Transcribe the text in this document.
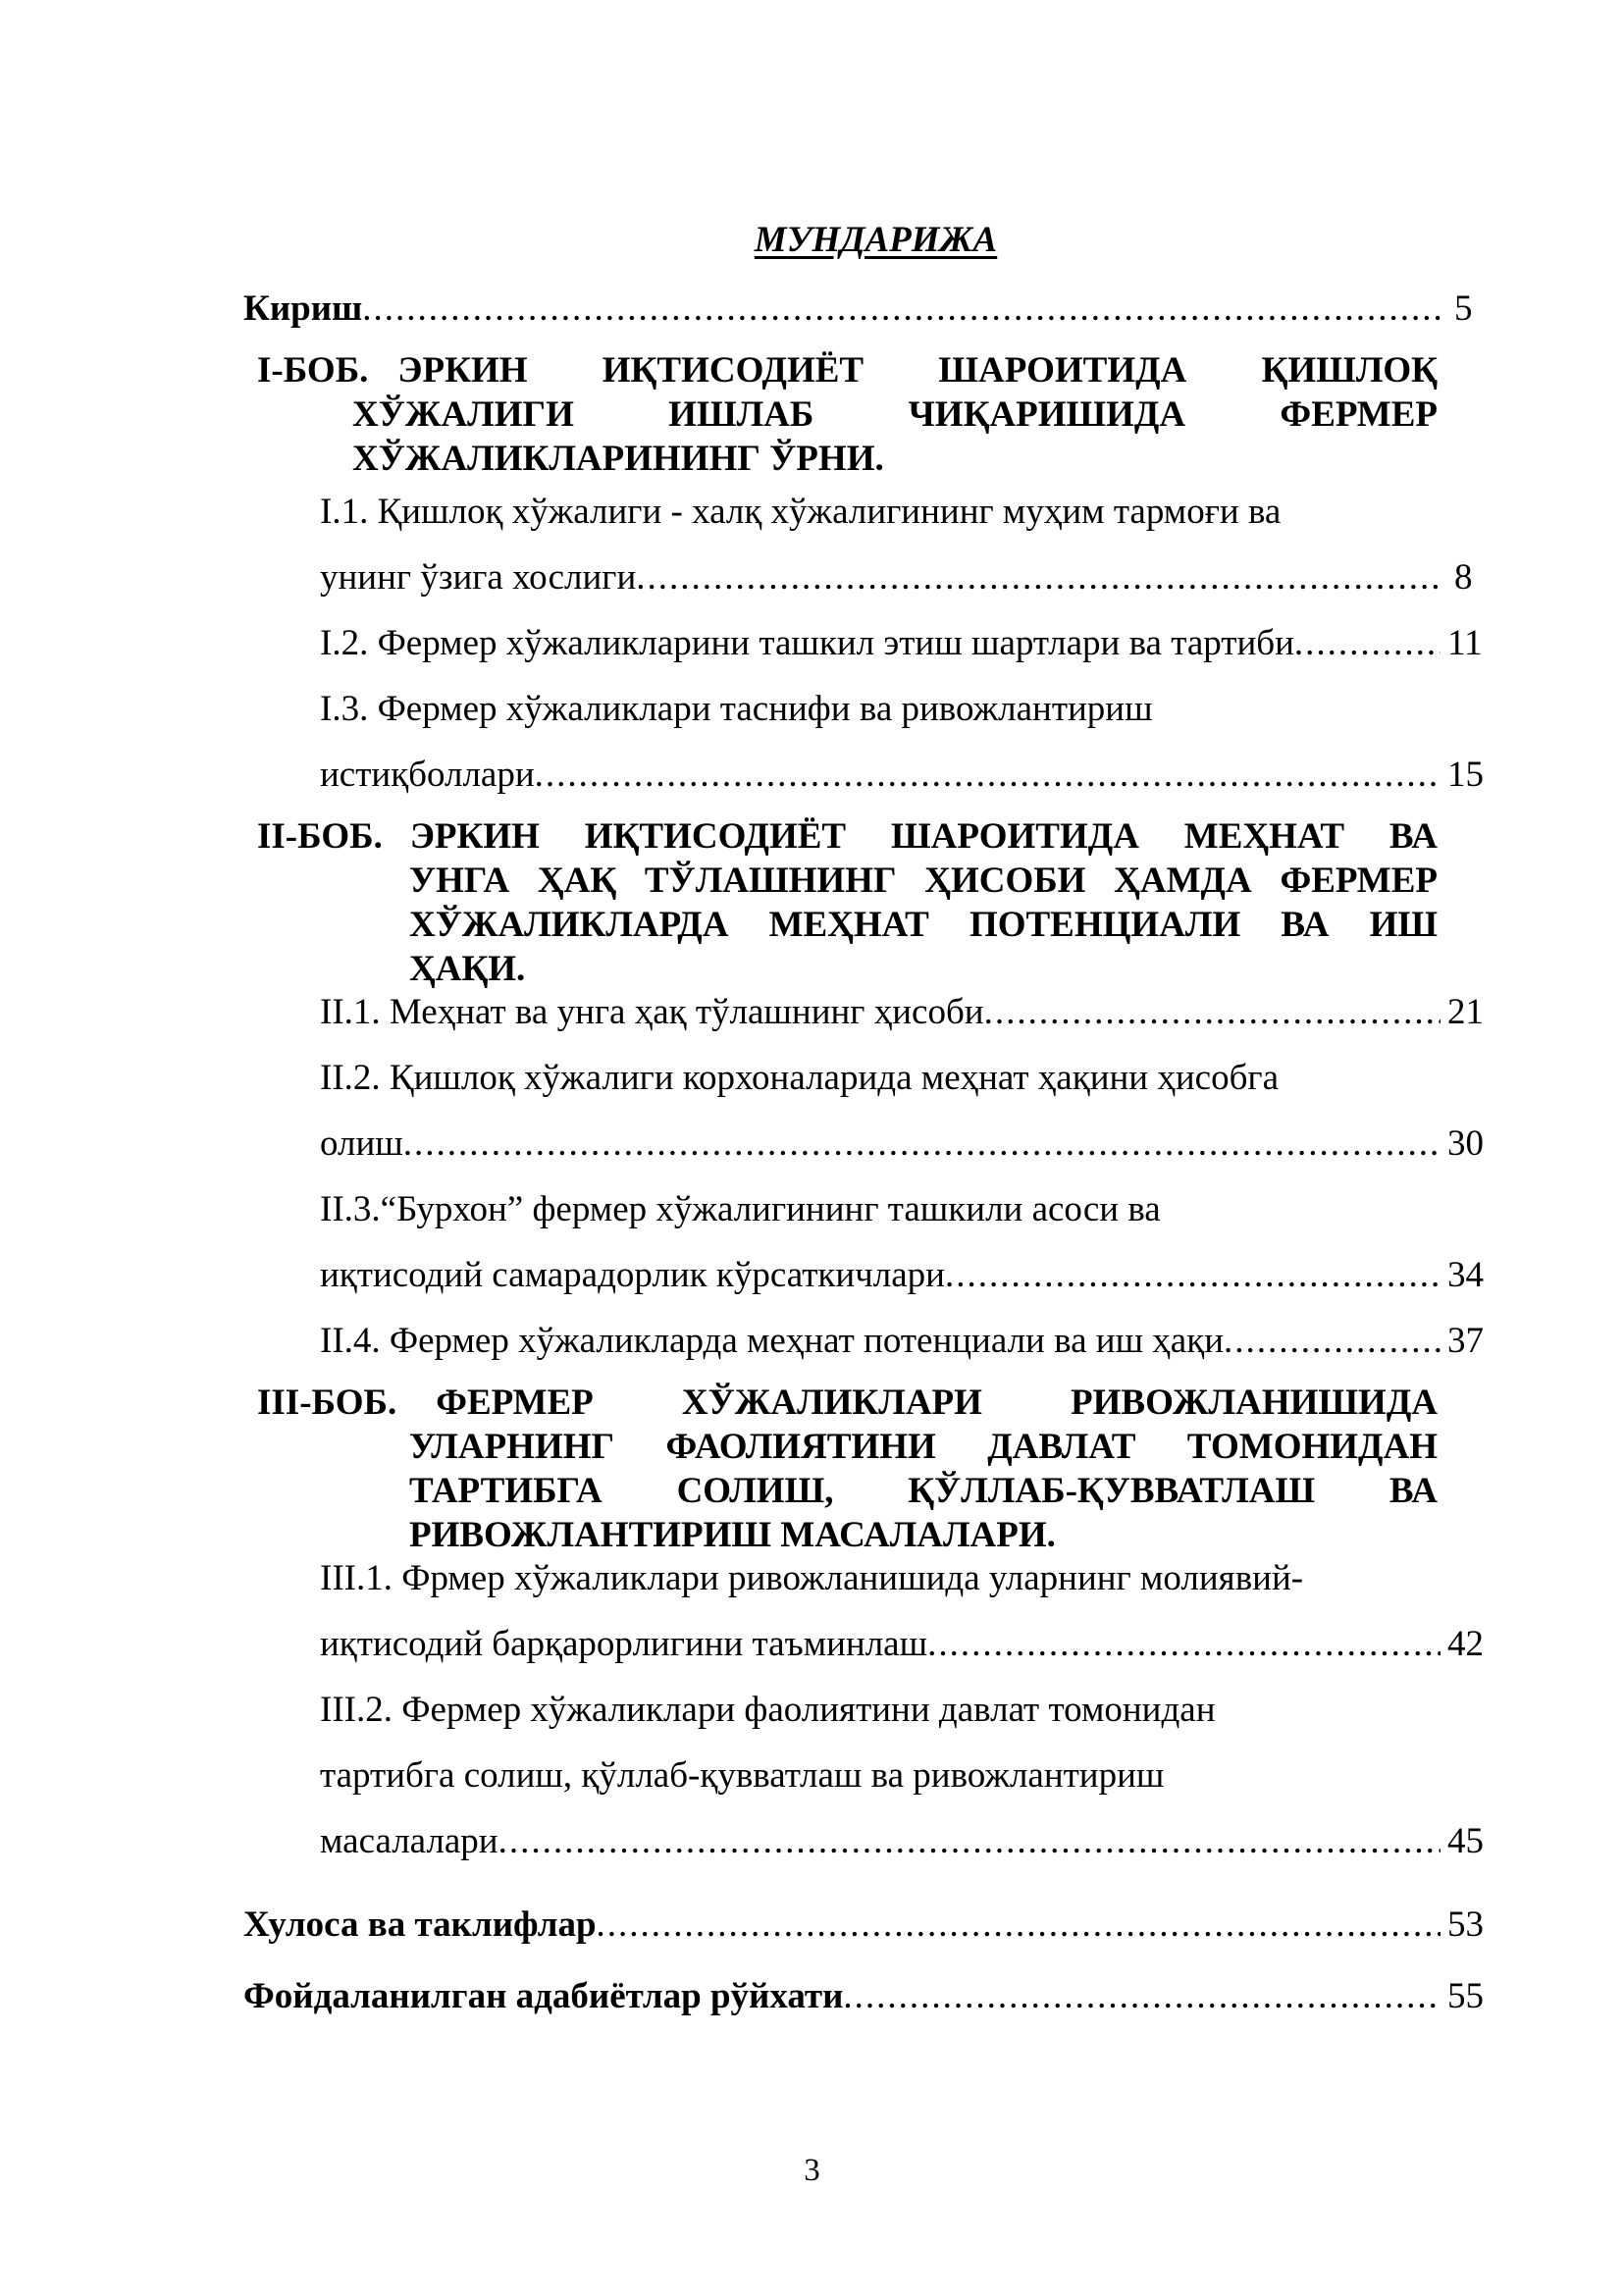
МУНДАРИЖА
Кириш .....	5
I-БОБ. ЭРКИН ИҚТИСОДИЁТ ШАРОИТИДА ҚИШЛОҚ
ХЎЖАЛИГИ ИШЛАБ ЧИҚАРИШИДА ФЕРМЕР
ХЎЖАЛИКЛАРИНИНГ ЎРНИ.
І.1. Қишлоқ хўжалиги - халқ хўжалигининг муҳим тармоғи ва
унинг ўзига хослиги .....	8
І.2. Фермер хўжаликларини ташкил этиш шартлари ва тартиби .....	11
І.3. Фермер хўжаликлари таснифи ва ривожлантириш
истиқболлари .....	15
II-БОБ. ЭРКИН ИҚТИСОДИЁТ ШАРОИТИДА МЕҲНАТ ВА
УНГА ҲАҚ ТЎЛАШНИНГ ҲИСОБИ ҲАМДА ФЕРМЕР
ХЎЖАЛИКЛАРДА МЕҲНАТ ПОТЕНЦИАЛИ ВА ИШ
ҲАҚИ.
ІІ.1. Меҳнат ва унга ҳақ тўлашнинг ҳисоби .....	21
ІІ.2. Қишлоқ хўжалиги корхоналарида меҳнат ҳақини ҳисобга
олиш .....	30
ІІ.3.“Бурхон” фермер хўжалигининг ташкили асоси ва
иқтисодий самарадорлик кўрсаткичлари .....	34
ІІ.4. Фермер хўжаликларда меҳнат потенциали ва иш ҳақи .....	37
III-БОБ. ФЕРМЕР ХЎЖАЛИКЛАРИ РИВОЖЛАНИШИДА
УЛАРНИНГ ФАОЛИЯТИНИ ДАВЛАТ ТОМОНИДАН
ТАРТИБГА СОЛИШ, ҚЎЛЛАБ-ҚУВВАТЛАШ ВА
РИВОЖЛАНТИРИШ МАСАЛАЛАРИ.
ІІІ.1. Фрмер хўжаликлари ривожланишида уларнинг молиявий-
иқтисодий барқарорлигини таъминлаш .....	42
ІІІ.2. Фермер хўжаликлари фаолиятини давлат томонидан
тартибга солиш, қўллаб-қувватлаш ва ривожлантириш
масалалари .....	45
Хулоса ва таклифлар .....	53
Фойдаланилган адабиётлар рўйхати .....	55
3
